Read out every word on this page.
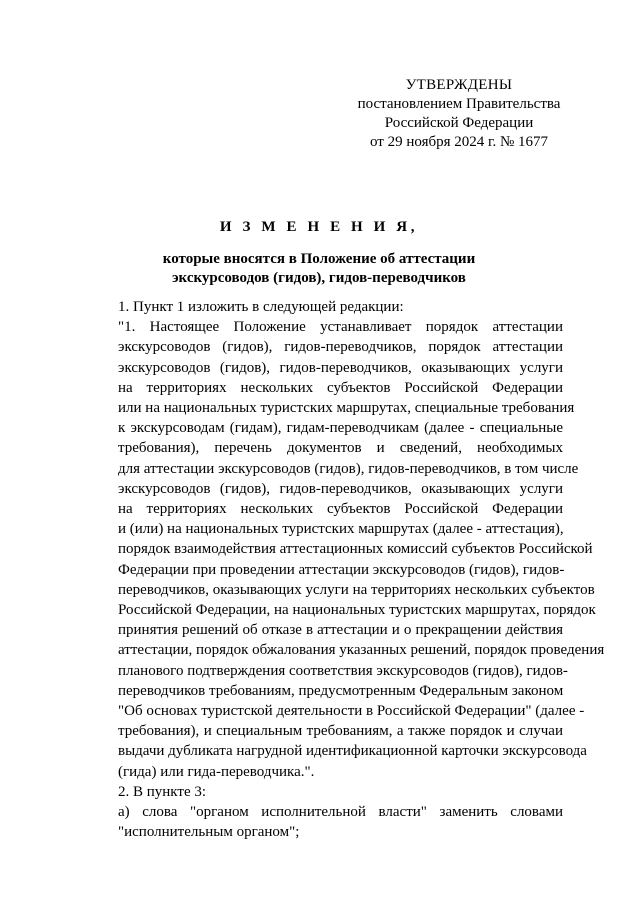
УТВЕРЖДЕНЫ
постановлением Правительства
Российской Федерации
от 29 ноября 2024 г. № 1677
И З М Е Н Е Н И Я,
которые вносятся в Положение об аттестации
экскурсоводов (гидов), гидов-переводчиков

1. Пункт 1 изложить в следующей редакции:

"1. Настоящее Положение устанавливает порядок аттестации
экскурсоводов (гидов), гидов-переводчиков, порядок аттестации
экскурсоводов (гидов), гидов-переводчиков, оказывающих услуги
на территориях нескольких субъектов Российской Федерации
или на национальных туристских маршрутах, специальные требования
к экскурсоводам (гидам), гидам-переводчикам (далее - специальные
требования), перечень документов и сведений, необходимых
для аттестации экскурсоводов (гидов), гидов-переводчиков, в том числе
экскурсоводов (гидов), гидов-переводчиков, оказывающих услуги
на территориях нескольких субъектов Российской Федерации
и (или) на национальных туристских маршрутах (далее - аттестация),
порядок взаимодействия аттестационных комиссий субъектов Российской
Федерации при проведении аттестации экскурсоводов (гидов), гидов-
переводчиков, оказывающих услуги на территориях нескольких субъектов
Российской Федерации, на национальных туристских маршрутах, порядок
принятия решений об отказе в аттестации и о прекращении действия
аттестации, порядок обжалования указанных решений, порядок проведения
планового подтверждения соответствия экскурсоводов (гидов), гидов-
переводчиков требованиям, предусмотренным Федеральным законом
"Об основах туристской деятельности в Российской Федерации" (далее -
требования), и специальным требованиям, а также порядок и случаи
выдачи дубликата нагрудной идентификационной карточки экскурсовода
(гида) или гида-переводчика.".

2. В пункте 3:

а) слова "органом исполнительной власти" заменить словами
"исполнительным органом";
